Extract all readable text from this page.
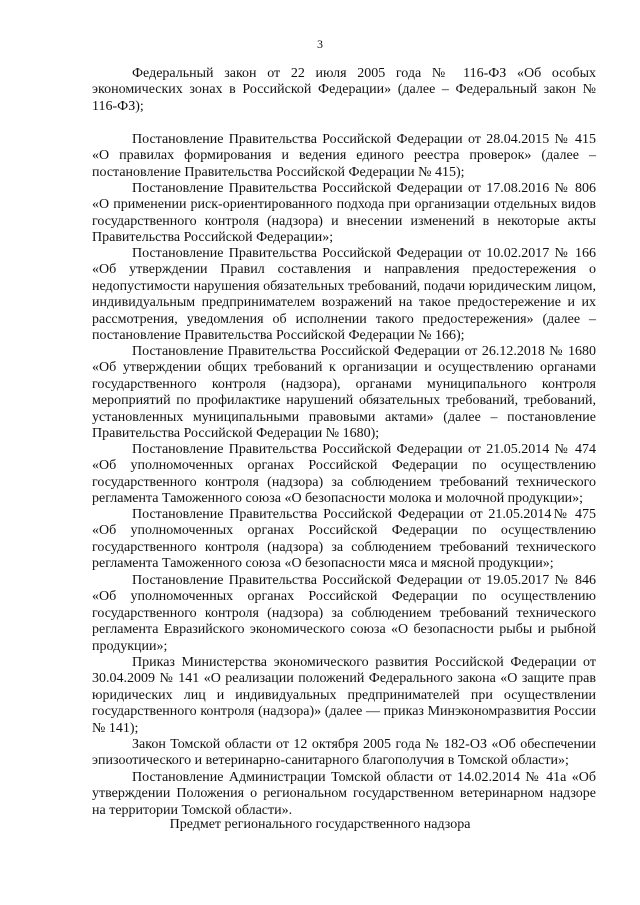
3

Федеральный закон от 22 июля 2005 года № 116-ФЗ «Об особых экономических зонах в Российской Федерации» (далее – Федеральный закон № 116-ФЗ);

Постановление Правительства Российской Федерации от 28.04.2015 № 415 «О правилах формирования и ведения единого реестра проверок» (далее – постановление Правительства Российской Федерации № 415);

Постановление Правительства Российской Федерации от 17.08.2016 № 806 «О применении риск-ориентированного подхода при организации отдельных видов государственного контроля (надзора) и внесении изменений в некоторые акты Правительства Российской Федерации»;

Постановление Правительства Российской Федерации от 10.02.2017 № 166 «Об утверждении Правил составления и направления предостережения о недопустимости нарушения обязательных требований, подачи юридическим лицом, индивидуальным предпринимателем возражений на такое предостережение и их рассмотрения, уведомления об исполнении такого предостережения» (далее – постановление Правительства Российской Федерации № 166);

Постановление Правительства Российской Федерации от 26.12.2018 № 1680 «Об утверждении общих требований к организации и осуществлению органами государственного контроля (надзора), органами муниципального контроля мероприятий по профилактике нарушений обязательных требований, требований, установленных муниципальными правовыми актами» (далее – постановление Правительства Российской Федерации № 1680);

Постановление Правительства Российской Федерации от 21.05.2014 № 474 «Об уполномоченных органах Российской Федерации по осуществлению государственного контроля (надзора) за соблюдением требований технического регламента Таможенного союза «О безопасности молока и молочной продукции»;

Постановление Правительства Российской Федерации от 21.05.2014№ 475 «Об уполномоченных органах Российской Федерации по осуществлению государственного контроля (надзора) за соблюдением требований технического регламента Таможенного союза «О безопасности мяса и мясной продукции»;

Постановление Правительства Российской Федерации от 19.05.2017 № 846 «Об уполномоченных органах Российской Федерации по осуществлению государственного контроля (надзора) за соблюдением требований технического регламента Евразийского экономического союза «О безопасности рыбы и рыбной продукции»;

Приказ Министерства экономического развития Российской Федерации от 30.04.2009 № 141 «О реализации положений Федерального закона «О защите прав юридических лиц и индивидуальных предпринимателей при осуществлении государственного контроля (надзора)» (далее — приказ Минэкономразвития России № 141);

Закон Томской области от 12 октября 2005 года № 182-ОЗ «Об обеспечении эпизоотического и ветеринарно-санитарного благополучия в Томской области»;

Постановление Администрации Томской области от 14.02.2014 № 41а «Об утверждении Положения о региональном государственном ветеринарном надзоре на территории Томской области».

Предмет регионального государственного надзора
